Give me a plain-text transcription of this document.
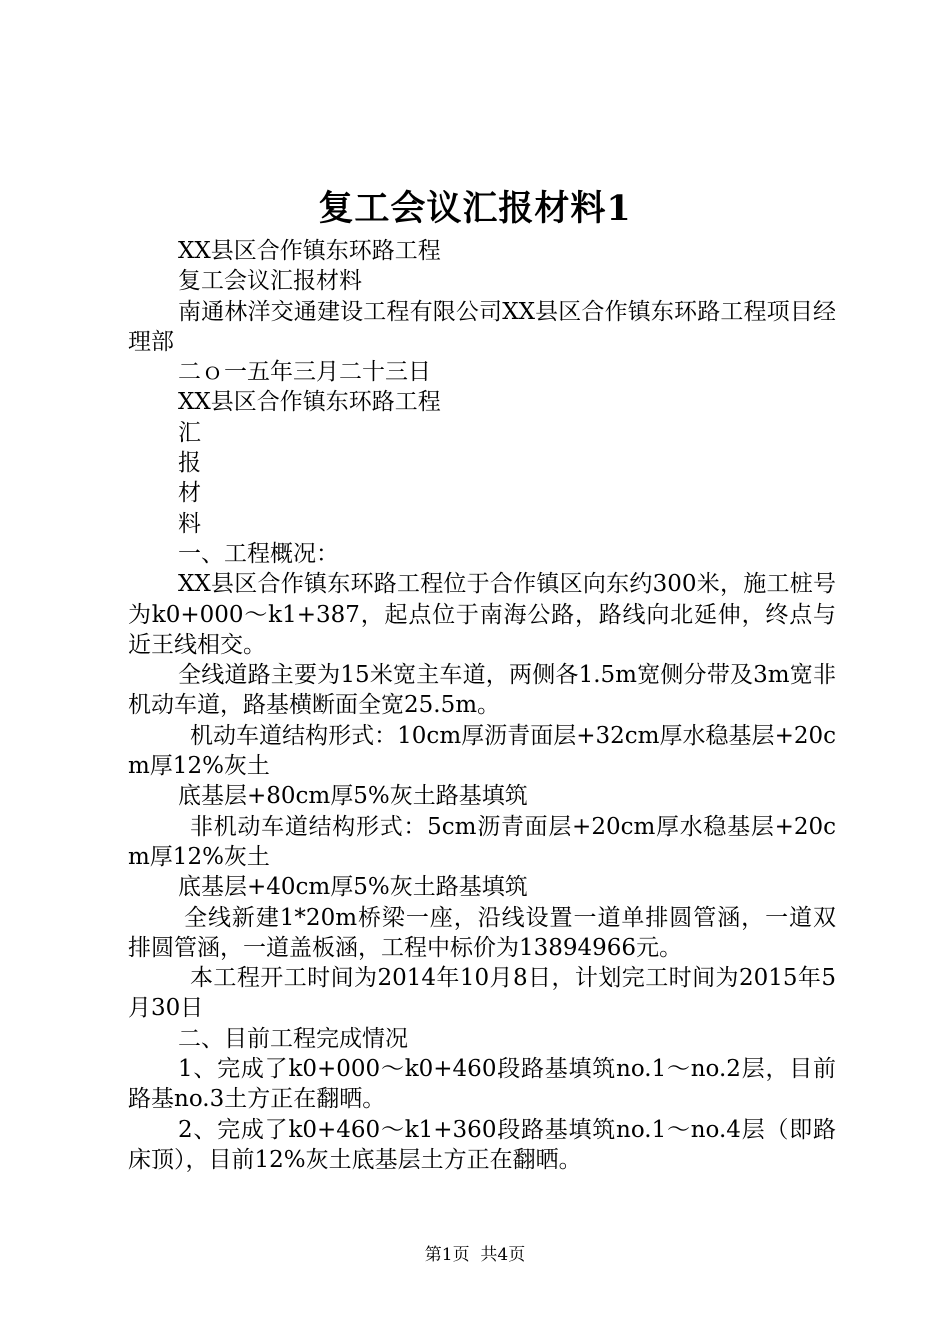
复工会议汇报材料1

XX县区合作镇东环路工程

复工会议汇报材料

南通林洋交通建设工程有限公司XX县区合作镇东环路工程项目经理部

二ｏ一五年三月二十三日

XX县区合作镇东环路工程

汇

报

材

料

一、工程概况：

XX县区合作镇东环路工程位于合作镇区向东约300米，施工桩号为k0+000～k1+387，起点位于南海公路，路线向北延伸，终点与近王线相交。

全线道路主要为15米宽主车道，两侧各1.5m宽侧分带及3m宽非机动车道，路基横断面全宽25.5m。

机动车道结构形式：10cm厚沥青面层+32cm厚水稳基层+20cm厚12%灰土

底基层+80cm厚5%灰土路基填筑

非机动车道结构形式：5cm沥青面层+20cm厚水稳基层+20cm厚12%灰土

底基层+40cm厚5%灰土路基填筑

全线新建1*20m桥梁一座，沿线设置一道单排圆管涵，一道双排圆管涵，一道盖板涵，工程中标价为13894966元。

本工程开工时间为2014年10月8日，计划完工时间为2015年5月30日

二、目前工程完成情况

1、完成了k0+000～k0+460段路基填筑no.1～no.2层，目前路基no.3土方正在翻晒。

2、完成了k0+460～k1+360段路基填筑no.1～no.4层（即路床顶），目前12%灰土底基层土方正在翻晒。

第1页 共4页
